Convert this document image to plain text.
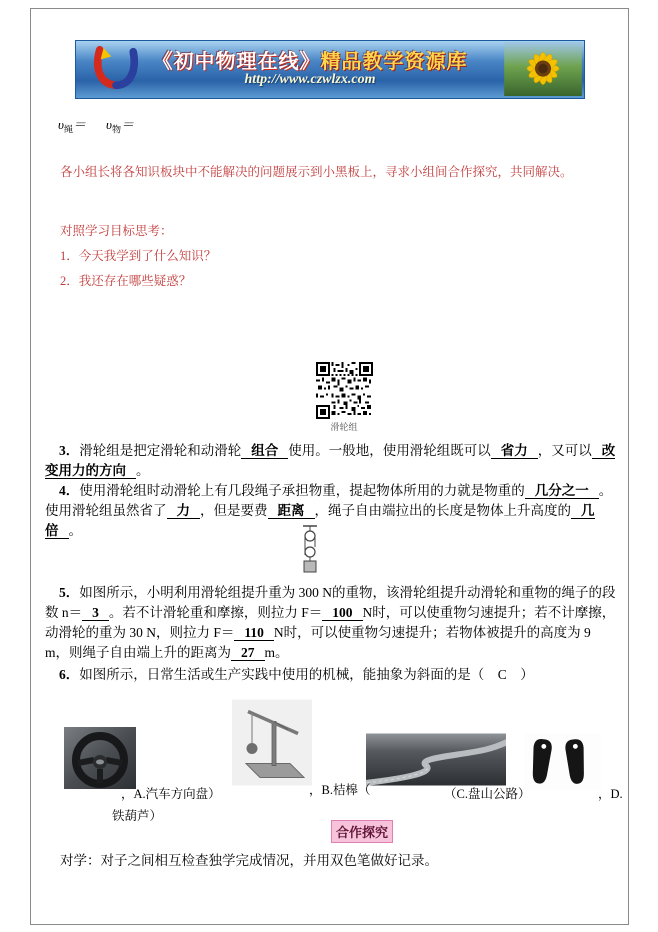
《初中物理在线》精品教学资源库
http://www.czwlzx.com
$\upsilon_绳= \upsilon_物=$

各小组长将各知识板块中不能解决的问题展示到小黑板上，寻求小组间合作探究，共同解决。

对照学习目标思考：

1．今天我学到了什么知识？

2．我还存在哪些疑惑？

滑轮组

3．滑轮组是把定滑轮和动滑轮 组合 使用。一般地，使用滑轮组既可以 省力 ，又可以 改变用力的方向 。

4．使用滑轮组时动滑轮上有几段绳子承担物重，提起物体所用的力就是物重的 几分之一 。使用滑轮组虽然省了 力 ，但是要费 距离 ，绳子自由端拉出的长度是物体上升高度的 几倍 。

5．如图所示，小明利用滑轮组提升重为 300 N的重物，该滑轮组提升动滑轮和重物的绳子的段数 n＝ 3 。若不计滑轮重和摩擦，则拉力 F＝ 100 N时，可以使重物匀速提升；若不计摩擦，动滑轮的重为 30 N，则拉力 F＝ 110 N时，可以使重物匀速提升；若物体被提升的高度为 9 m，则绳子自由端上升的距离为 27 m。

6．如图所示，日常生活或生产实践中使用的机械，能抽象为斜面的是（　C　）

，A.汽车方向盘）	，B.桔槔（
铁葫芦）
（C.盘山公路）	，D.
合作探究

对学：对子之间相互检查独学完成情况，并用双色笔做好记录。
